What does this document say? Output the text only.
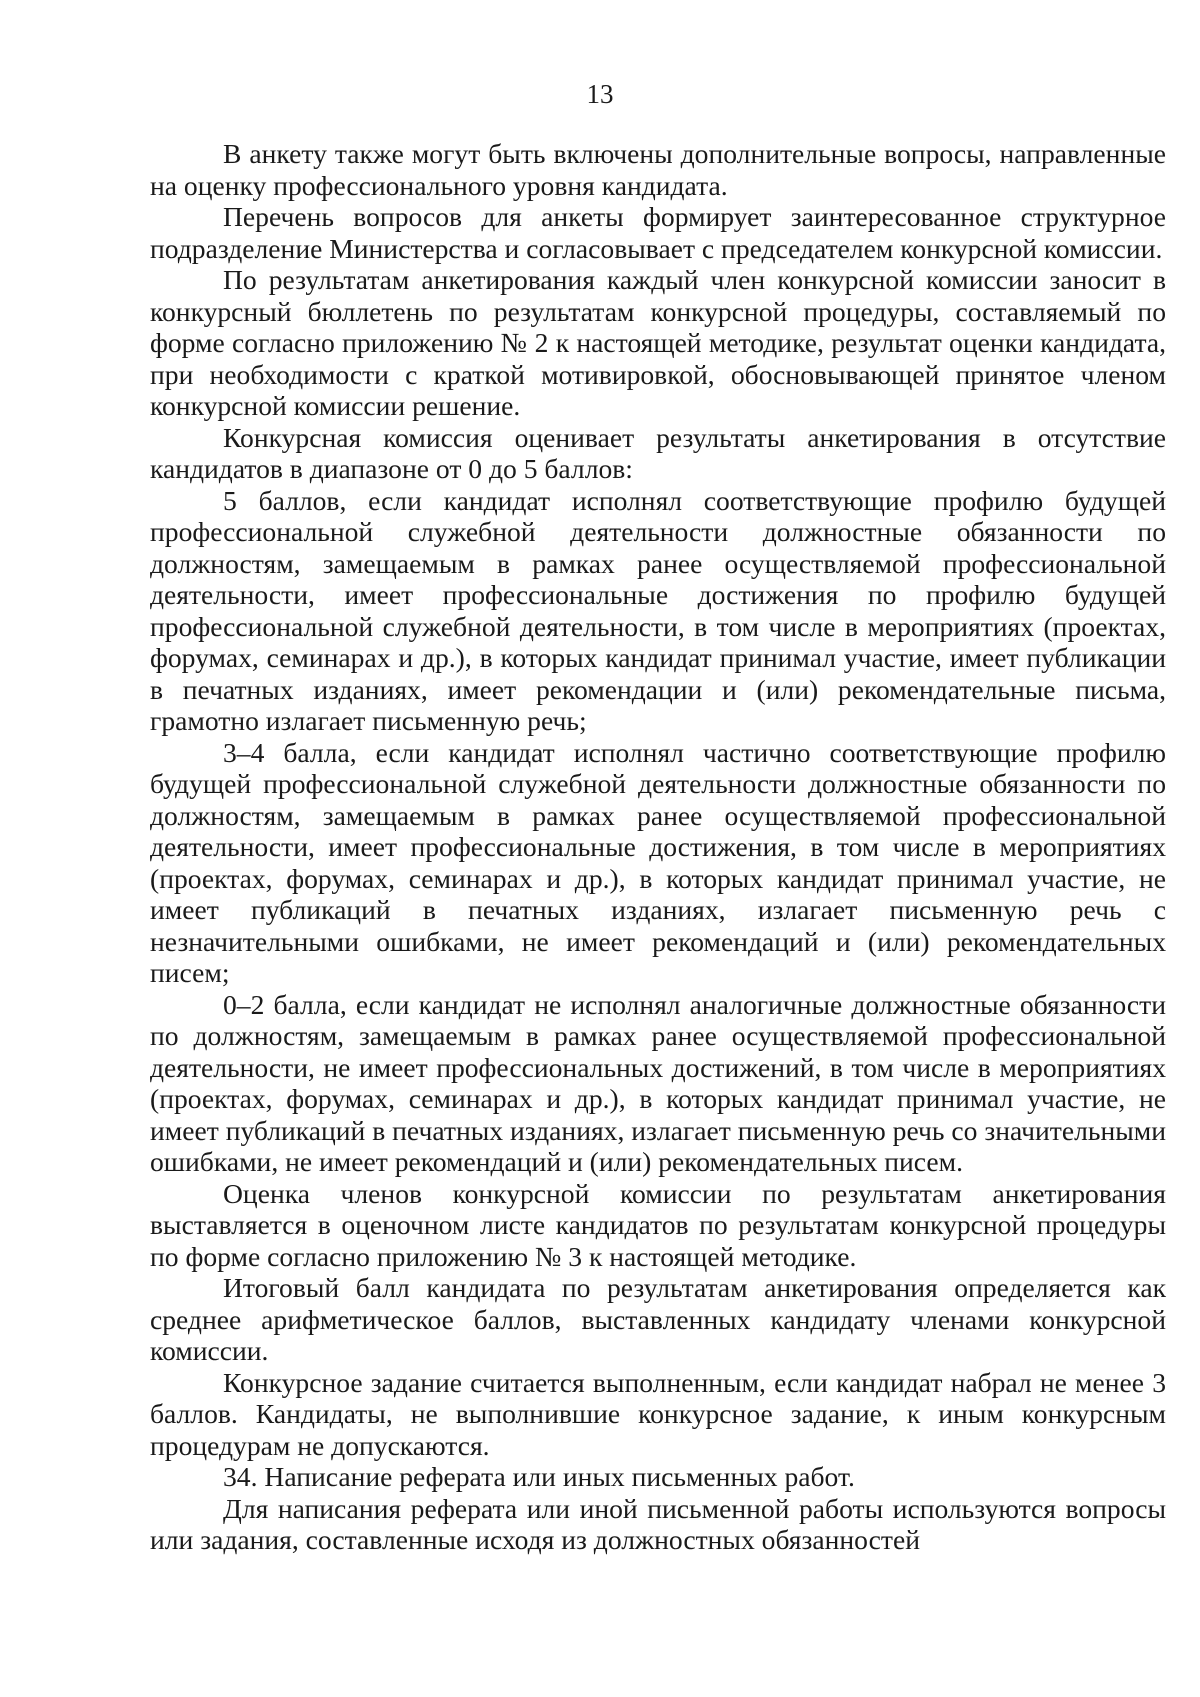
13

В анкету также могут быть включены дополнительные вопросы, направленные на оценку профессионального уровня кандидата.

Перечень вопросов для анкеты формирует заинтересованное структурное подразделение Министерства и согласовывает с председателем конкурсной комиссии.

По результатам анкетирования каждый член конкурсной комиссии заносит в конкурсный бюллетень по результатам конкурсной процедуры, составляемый по форме согласно приложению № 2 к настоящей методике, результат оценки кандидата, при необходимости с краткой мотивировкой, обосновывающей принятое членом конкурсной комиссии решение.

Конкурсная комиссия оценивает результаты анкетирования в отсутствие кандидатов в диапазоне от 0 до 5 баллов:

5 баллов, если кандидат исполнял соответствующие профилю будущей профессиональной служебной деятельности должностные обязанности по должностям, замещаемым в рамках ранее осуществляемой профессиональной деятельности, имеет профессиональные достижения по профилю будущей профессиональной служебной деятельности, в том числе в мероприятиях (проектах, форумах, семинарах и др.), в которых кандидат принимал участие, имеет публикации в печатных изданиях, имеет рекомендации и (или) рекомендательные письма, грамотно излагает письменную речь;

3–4 балла, если кандидат исполнял частично соответствующие профилю будущей профессиональной служебной деятельности должностные обязанности по должностям, замещаемым в рамках ранее осуществляемой профессиональной деятельности, имеет профессиональные достижения, в том числе в мероприятиях (проектах, форумах, семинарах и др.), в которых кандидат принимал участие, не имеет публикаций в печатных изданиях, излагает письменную речь с незначительными ошибками, не имеет рекомендаций и (или) рекомендательных писем;

0–2 балла, если кандидат не исполнял аналогичные должностные обязанности по должностям, замещаемым в рамках ранее осуществляемой профессиональной деятельности, не имеет профессиональных достижений, в том числе в мероприятиях (проектах, форумах, семинарах и др.), в которых кандидат принимал участие, не имеет публикаций в печатных изданиях, излагает письменную речь со значительными ошибками, не имеет рекомендаций и (или) рекомендательных писем.

Оценка членов конкурсной комиссии по результатам анкетирования выставляется в оценочном листе кандидатов по результатам конкурсной процедуры по форме согласно приложению № 3 к настоящей методике.

Итоговый балл кандидата по результатам анкетирования определяется как среднее арифметическое баллов, выставленных кандидату членами конкурсной комиссии.

Конкурсное задание считается выполненным, если кандидат набрал не менее 3 баллов. Кандидаты, не выполнившие конкурсное задание, к иным конкурсным процедурам не допускаются.

34. Написание реферата или иных письменных работ.

Для написания реферата или иной письменной работы используются вопросы или задания, составленные исходя из должностных обязанностей
